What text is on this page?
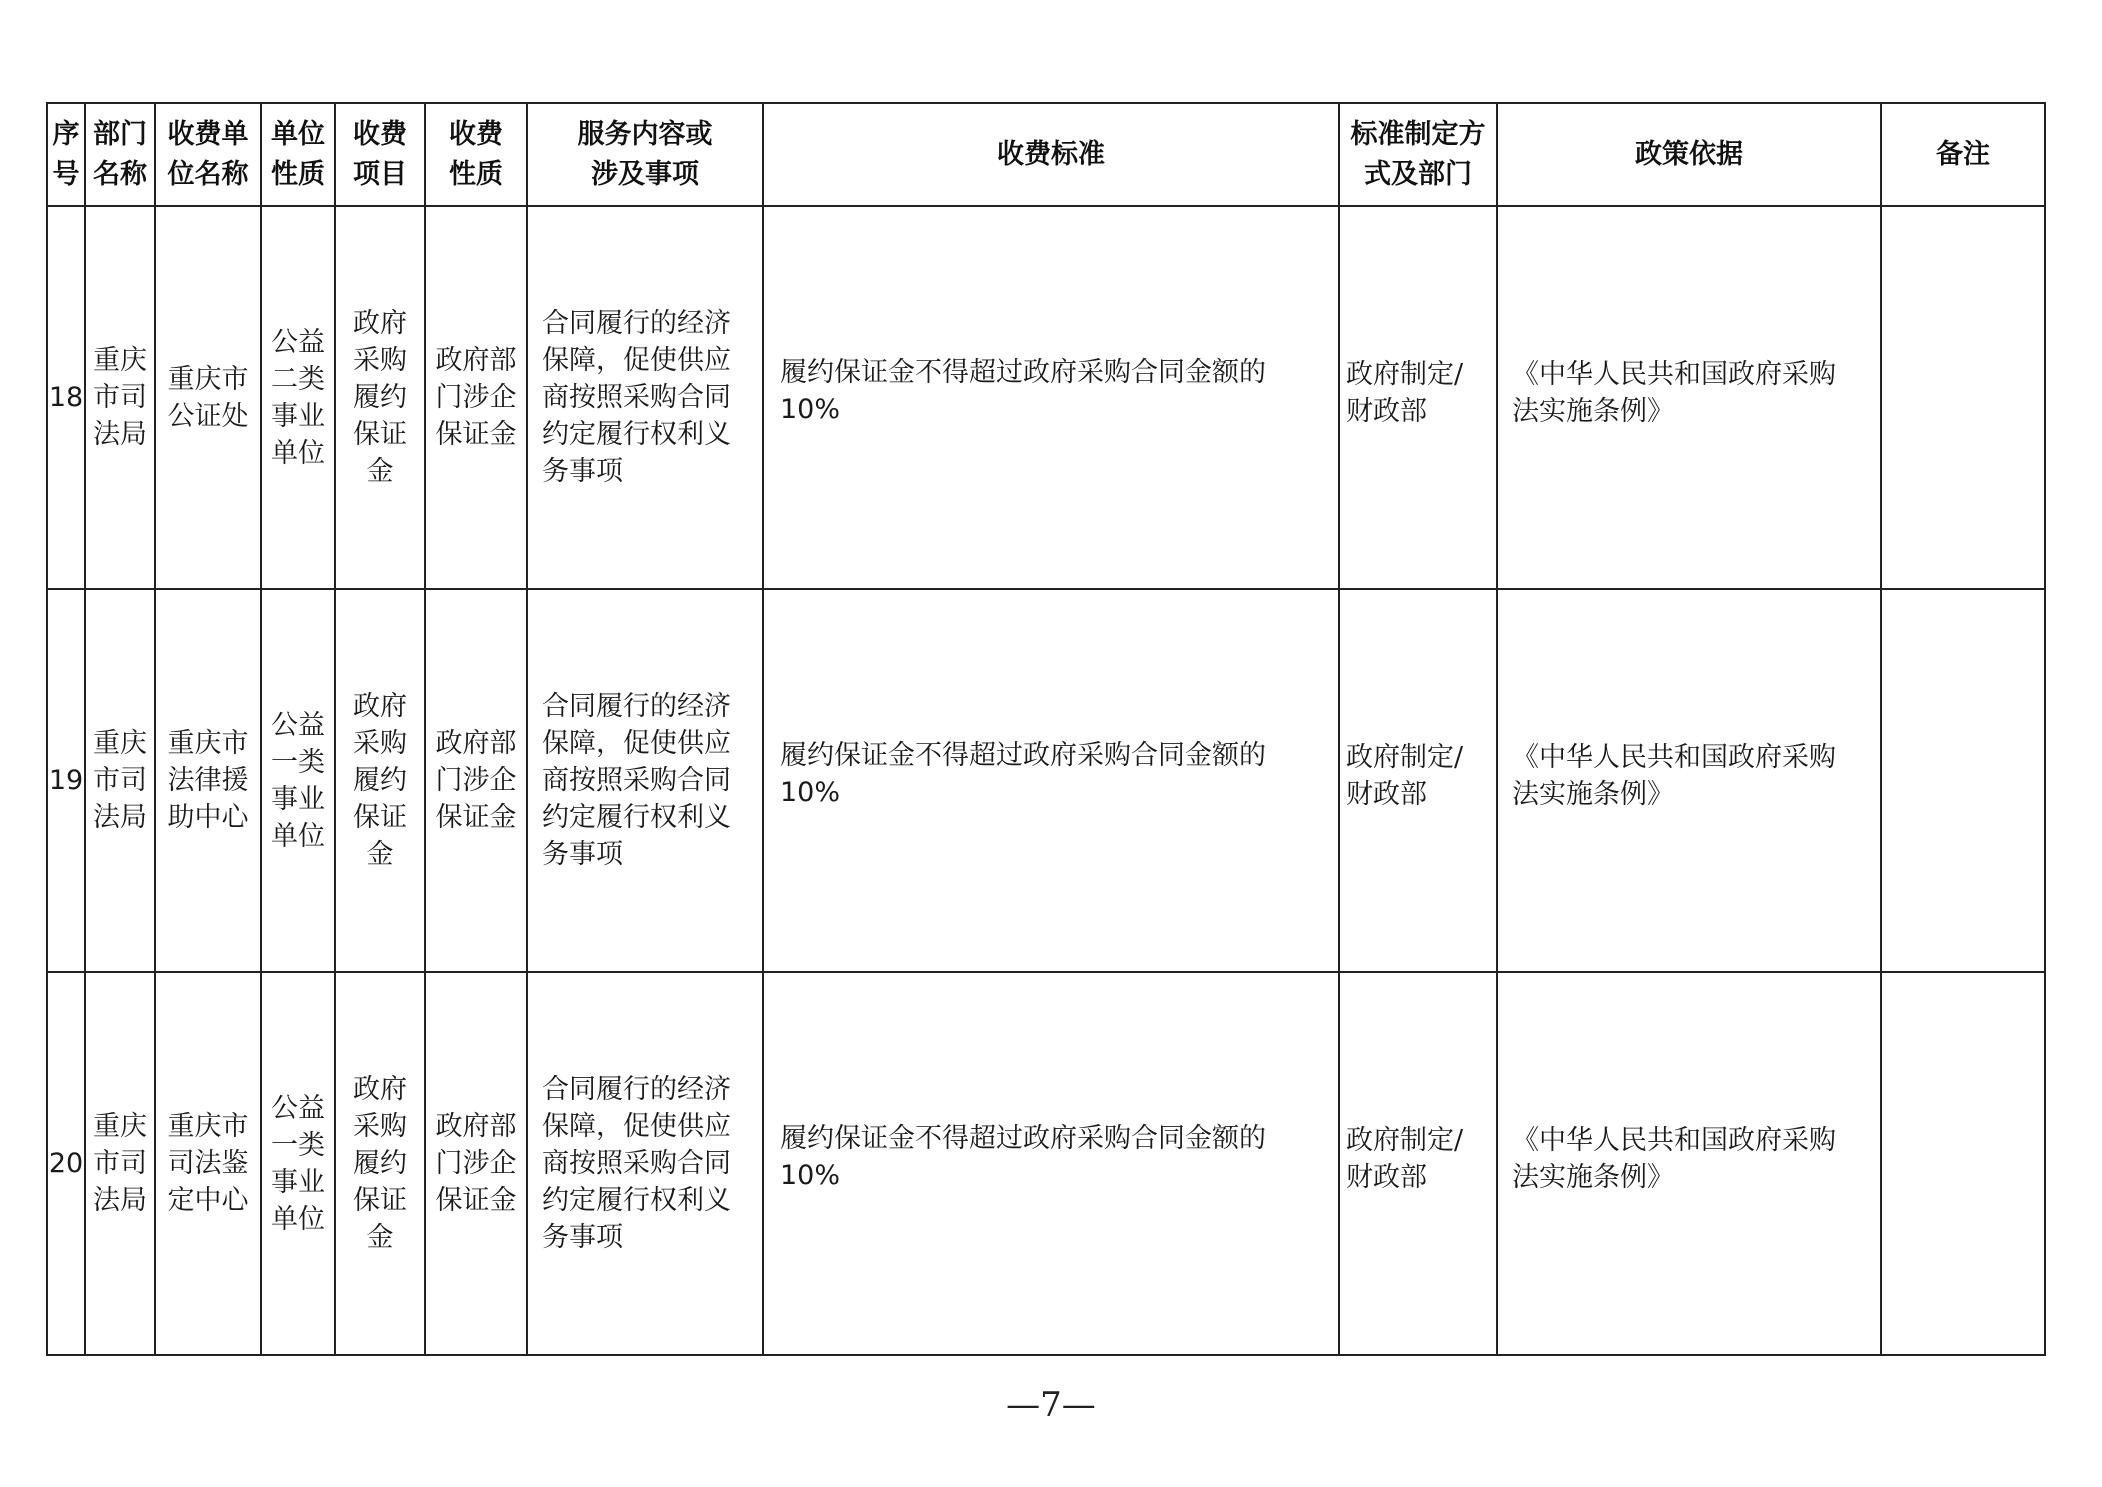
序号	部门名称	收费单位名称	单位性质	收费项目	收费性质	服务内容或涉及事项	收费标准	标准制定方式及部门	政策依据	备注

18	重庆市司法局	重庆市公证处	公益二类事业单位	政府采购履约保证金	政府部门涉企保证金	合同履行的经济保障，促使供应商按照采购合同约定履行权利义务事项	履约保证金不得超过政府采购合同金额的
10%	政府制定/财政部	《中华人民共和国政府采购法实施条例》	

19	重庆市司法局	重庆市法律援助中心	公益一类事业单位	政府采购履约保证金	政府部门涉企保证金	合同履行的经济保障，促使供应商按照采购合同约定履行权利义务事项	履约保证金不得超过政府采购合同金额的
10%	政府制定/财政部	《中华人民共和国政府采购法实施条例》	

20	重庆市司法局	重庆市司法鉴定中心	公益一类事业单位	政府采购履约保证金	政府部门涉企保证金	合同履行的经济保障，促使供应商按照采购合同约定履行权利义务事项	履约保证金不得超过政府采购合同金额的
10%	政府制定/财政部	《中华人民共和国政府采购法实施条例》	

—7—
